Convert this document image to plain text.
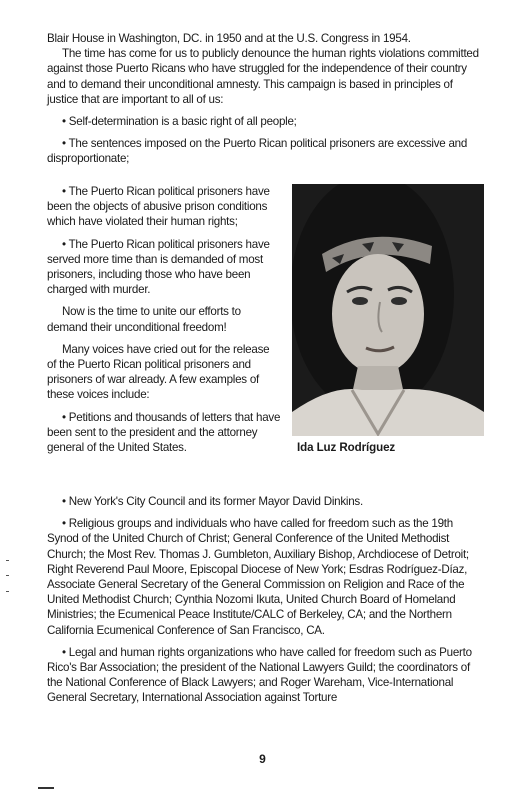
Blair House in Washington, DC. in 1950 and at the U.S. Congress in 1954.

The time has come for us to publicly denounce the human rights violations committed against those Puerto Ricans who have struggled for the independence of their country and to demand their unconditional amnesty. This campaign is based in principles of justice that are important to all of us:

• Self-determination is a basic right of all people;

• The sentences imposed on the Puerto Rican political prisoners are excessive and disproportionate;

• The Puerto Rican political prisoners have been the objects of abusive prison conditions which have violated their human rights;

• The Puerto Rican political prisoners have served more time than is demanded of most prisoners, including those who have been charged with murder.

Now is the time to unite our efforts to demand their unconditional freedom!

Many voices have cried out for the release of the Puerto Rican political prisoners and prisoners of war already. A few examples of these voices include:

• Petitions and thousands of letters that have been sent to the president and the attorney general of the United States.	Ida Luz Rodríguez

• New York's City Council and its former Mayor David Dinkins.

• Religious groups and individuals who have called for freedom such as the 19th Synod of the United Church of Christ; General Conference of the United Methodist Church; the Most Rev. Thomas J. Gumbleton, Auxiliary Bishop, Archdiocese of Detroit; Right Reverend Paul Moore, Episcopal Diocese of New York; Esdras Rodríguez-Díaz, Associate General Secretary of the General Commission on Religion and Race of the United Methodist Church; Cynthia Nozomi Ikuta, United Church Board of Homeland Ministries; the Ecumenical Peace Institute/CALC of Berkeley, CA; and the Northern California Ecumenical Conference of San Francisco, CA.

• Legal and human rights organizations who have called for freedom such as Puerto Rico's Bar Association; the president of the National Lawyers Guild; the coordinators of the National Conference of Black Lawyers; and Roger Wareham, Vice-International General Secretary, International Association against Torture

9
